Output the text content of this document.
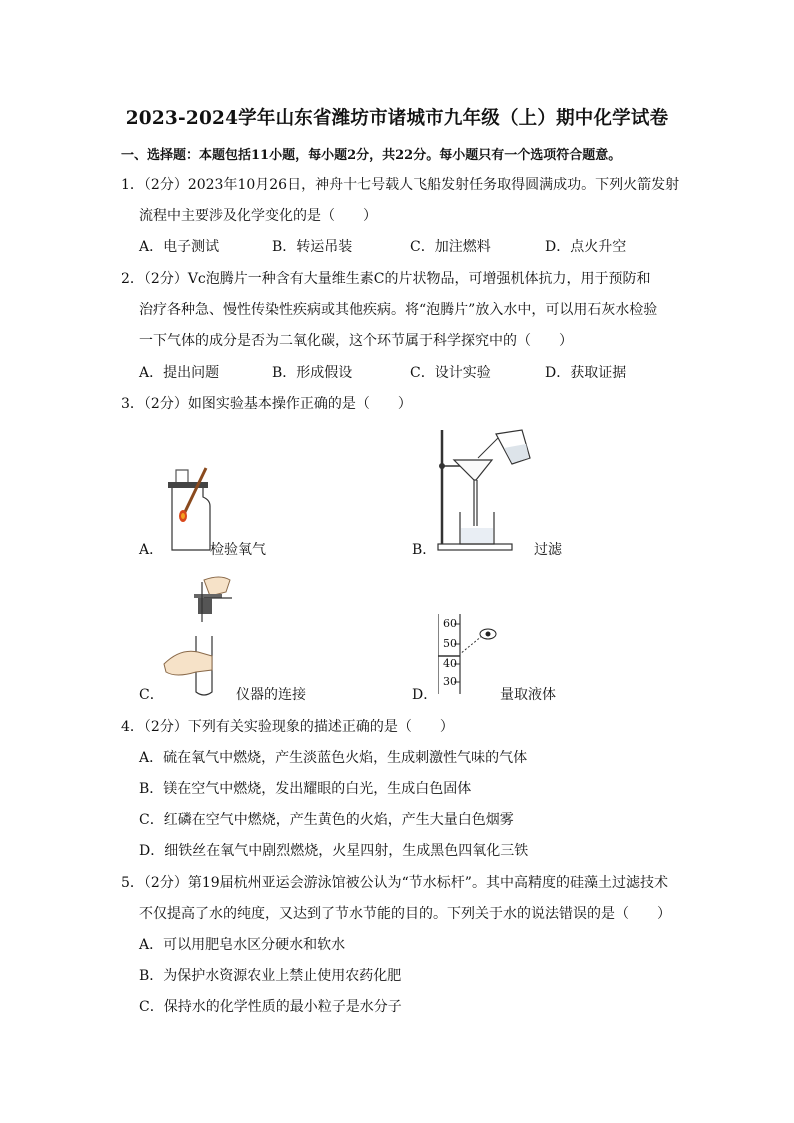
2023-2024学年山东省潍坊市诸城市九年级（上）期中化学试卷
一、选择题：本题包括11小题，每小题2分，共22分。每小题只有一个选项符合题意。
1．（2分）2023年10月26日，神舟十七号载人飞船发射任务取得圆满成功。下列火箭发射
流程中主要涉及化学变化的是（　　）
A．电子测试	B．转运吊装	C．加注燃料	D．点火升空
2．（2分）Vc泡腾片一种含有大量维生素C的片状物品，可增强机体抗力，用于预防和
治疗各种急、慢性传染性疾病或其他疾病。将“泡腾片”放入水中，可以用石灰水检验
一下气体的成分是否为二氧化碳，这个环节属于科学探究中的（　　）
A．提出问题	B．形成假设	C．设计实验	D．获取证据
3．（2分）如图实验基本操作正确的是（　　）
A．	检验氧气	B．	过滤
C．	仪器的连接
60
50
40
30
D．	量取液体
4．（2分）下列有关实验现象的描述正确的是（　　）
A．硫在氧气中燃烧，产生淡蓝色火焰，生成刺激性气味的气体
B．镁在空气中燃烧，发出耀眼的白光，生成白色固体
C．红磷在空气中燃烧，产生黄色的火焰，产生大量白色烟雾
D．细铁丝在氧气中剧烈燃烧，火星四射，生成黑色四氧化三铁
5．（2分）第19届杭州亚运会游泳馆被公认为“节水标杆”。其中高精度的硅藻土过滤技术
不仅提高了水的纯度，又达到了节水节能的目的。下列关于水的说法错误的是（　　）
A．可以用肥皂水区分硬水和软水
B．为保护水资源农业上禁止使用农药化肥
C．保持水的化学性质的最小粒子是水分子
